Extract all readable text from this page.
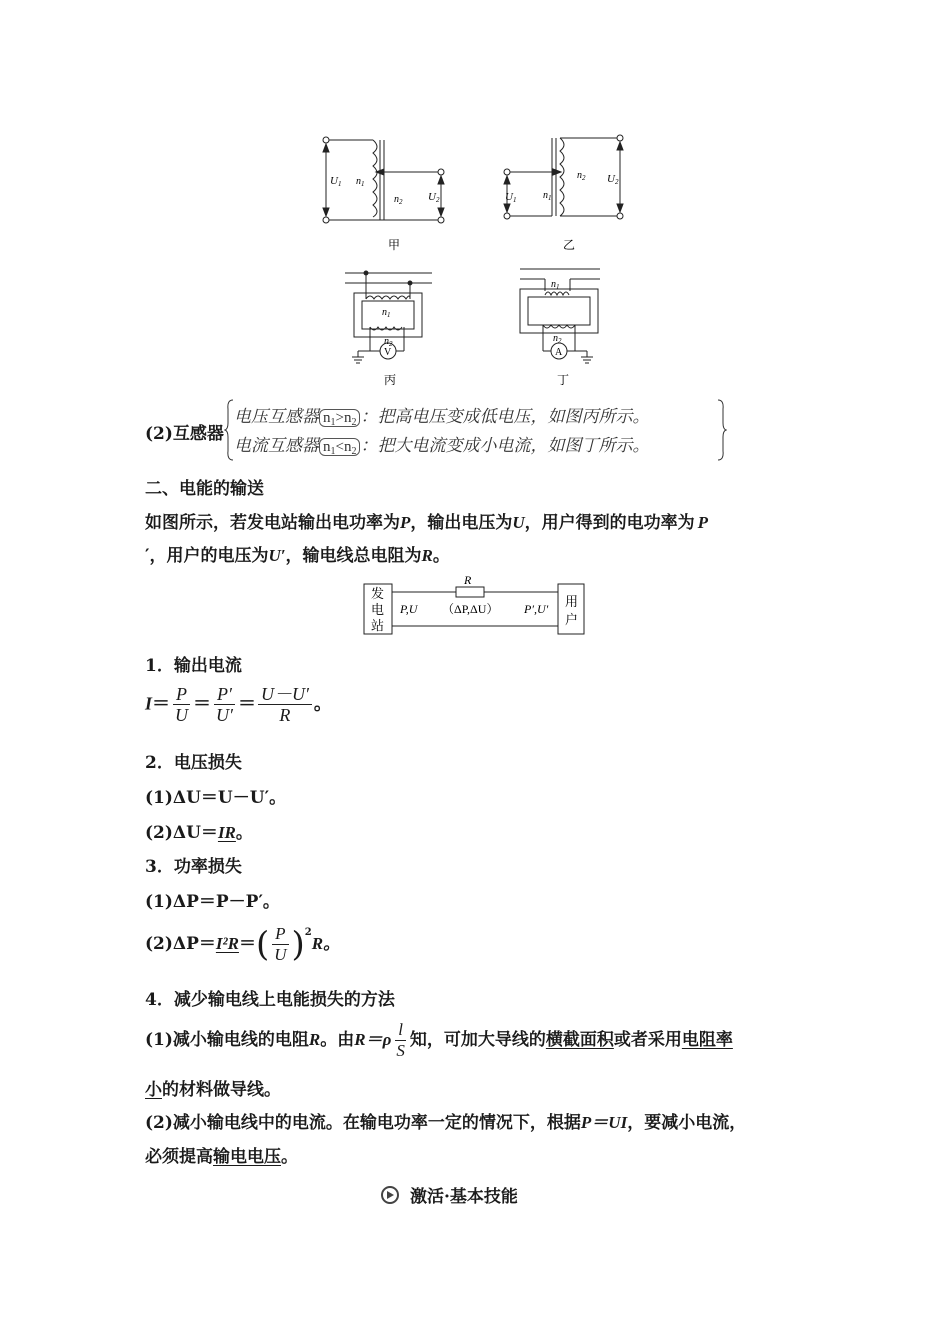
U1 $n_1$
$n_2$ U2
甲
U1	$n_1$
$n_2$ U2
乙
$n_1$
$n_2$
V
丙
$n_1$
$n_2$
A
丁
(2)互感器
电压互感器 $n_1>n_2$ ：把高电压变成低电压，如图丙所示。
电流互感器 $n_1<n_2$ ：把大电流变成小电流，如图丁所示。
二、电能的输送
如图所示，若发电站输出电功率为P，输出电压为U，用户得到的电功率为 P
′，用户的电压为U′，输电线总电阻为R。
R
发
电
站
用
户
P,U （ΔP,ΔU） P′,U′
1．输出电流
$I= \frac{P}{U} = \frac{P'}{U'} = \frac{U-U'}{R}$ 。
2．电压损失
(1)ΔU＝U－U′。
(2)ΔU＝IR。
3．功率损失
(1)ΔP＝P－P′。
$(2)\Delta P=I^2R=( \frac{P}{U} )^2R$。
4．减少输电线上电能损失的方法
(1)减小输电线的电阻R。由$R=\rho \frac{l}{S}$ 知，可加大导线的横截面积或者采用电阻率
小的材料做导线。
(2)减小输电线中的电流。在输电功率一定的情况下，根据P＝UI，要减小电流，
必须提高输电电压。
激活·基本技能
